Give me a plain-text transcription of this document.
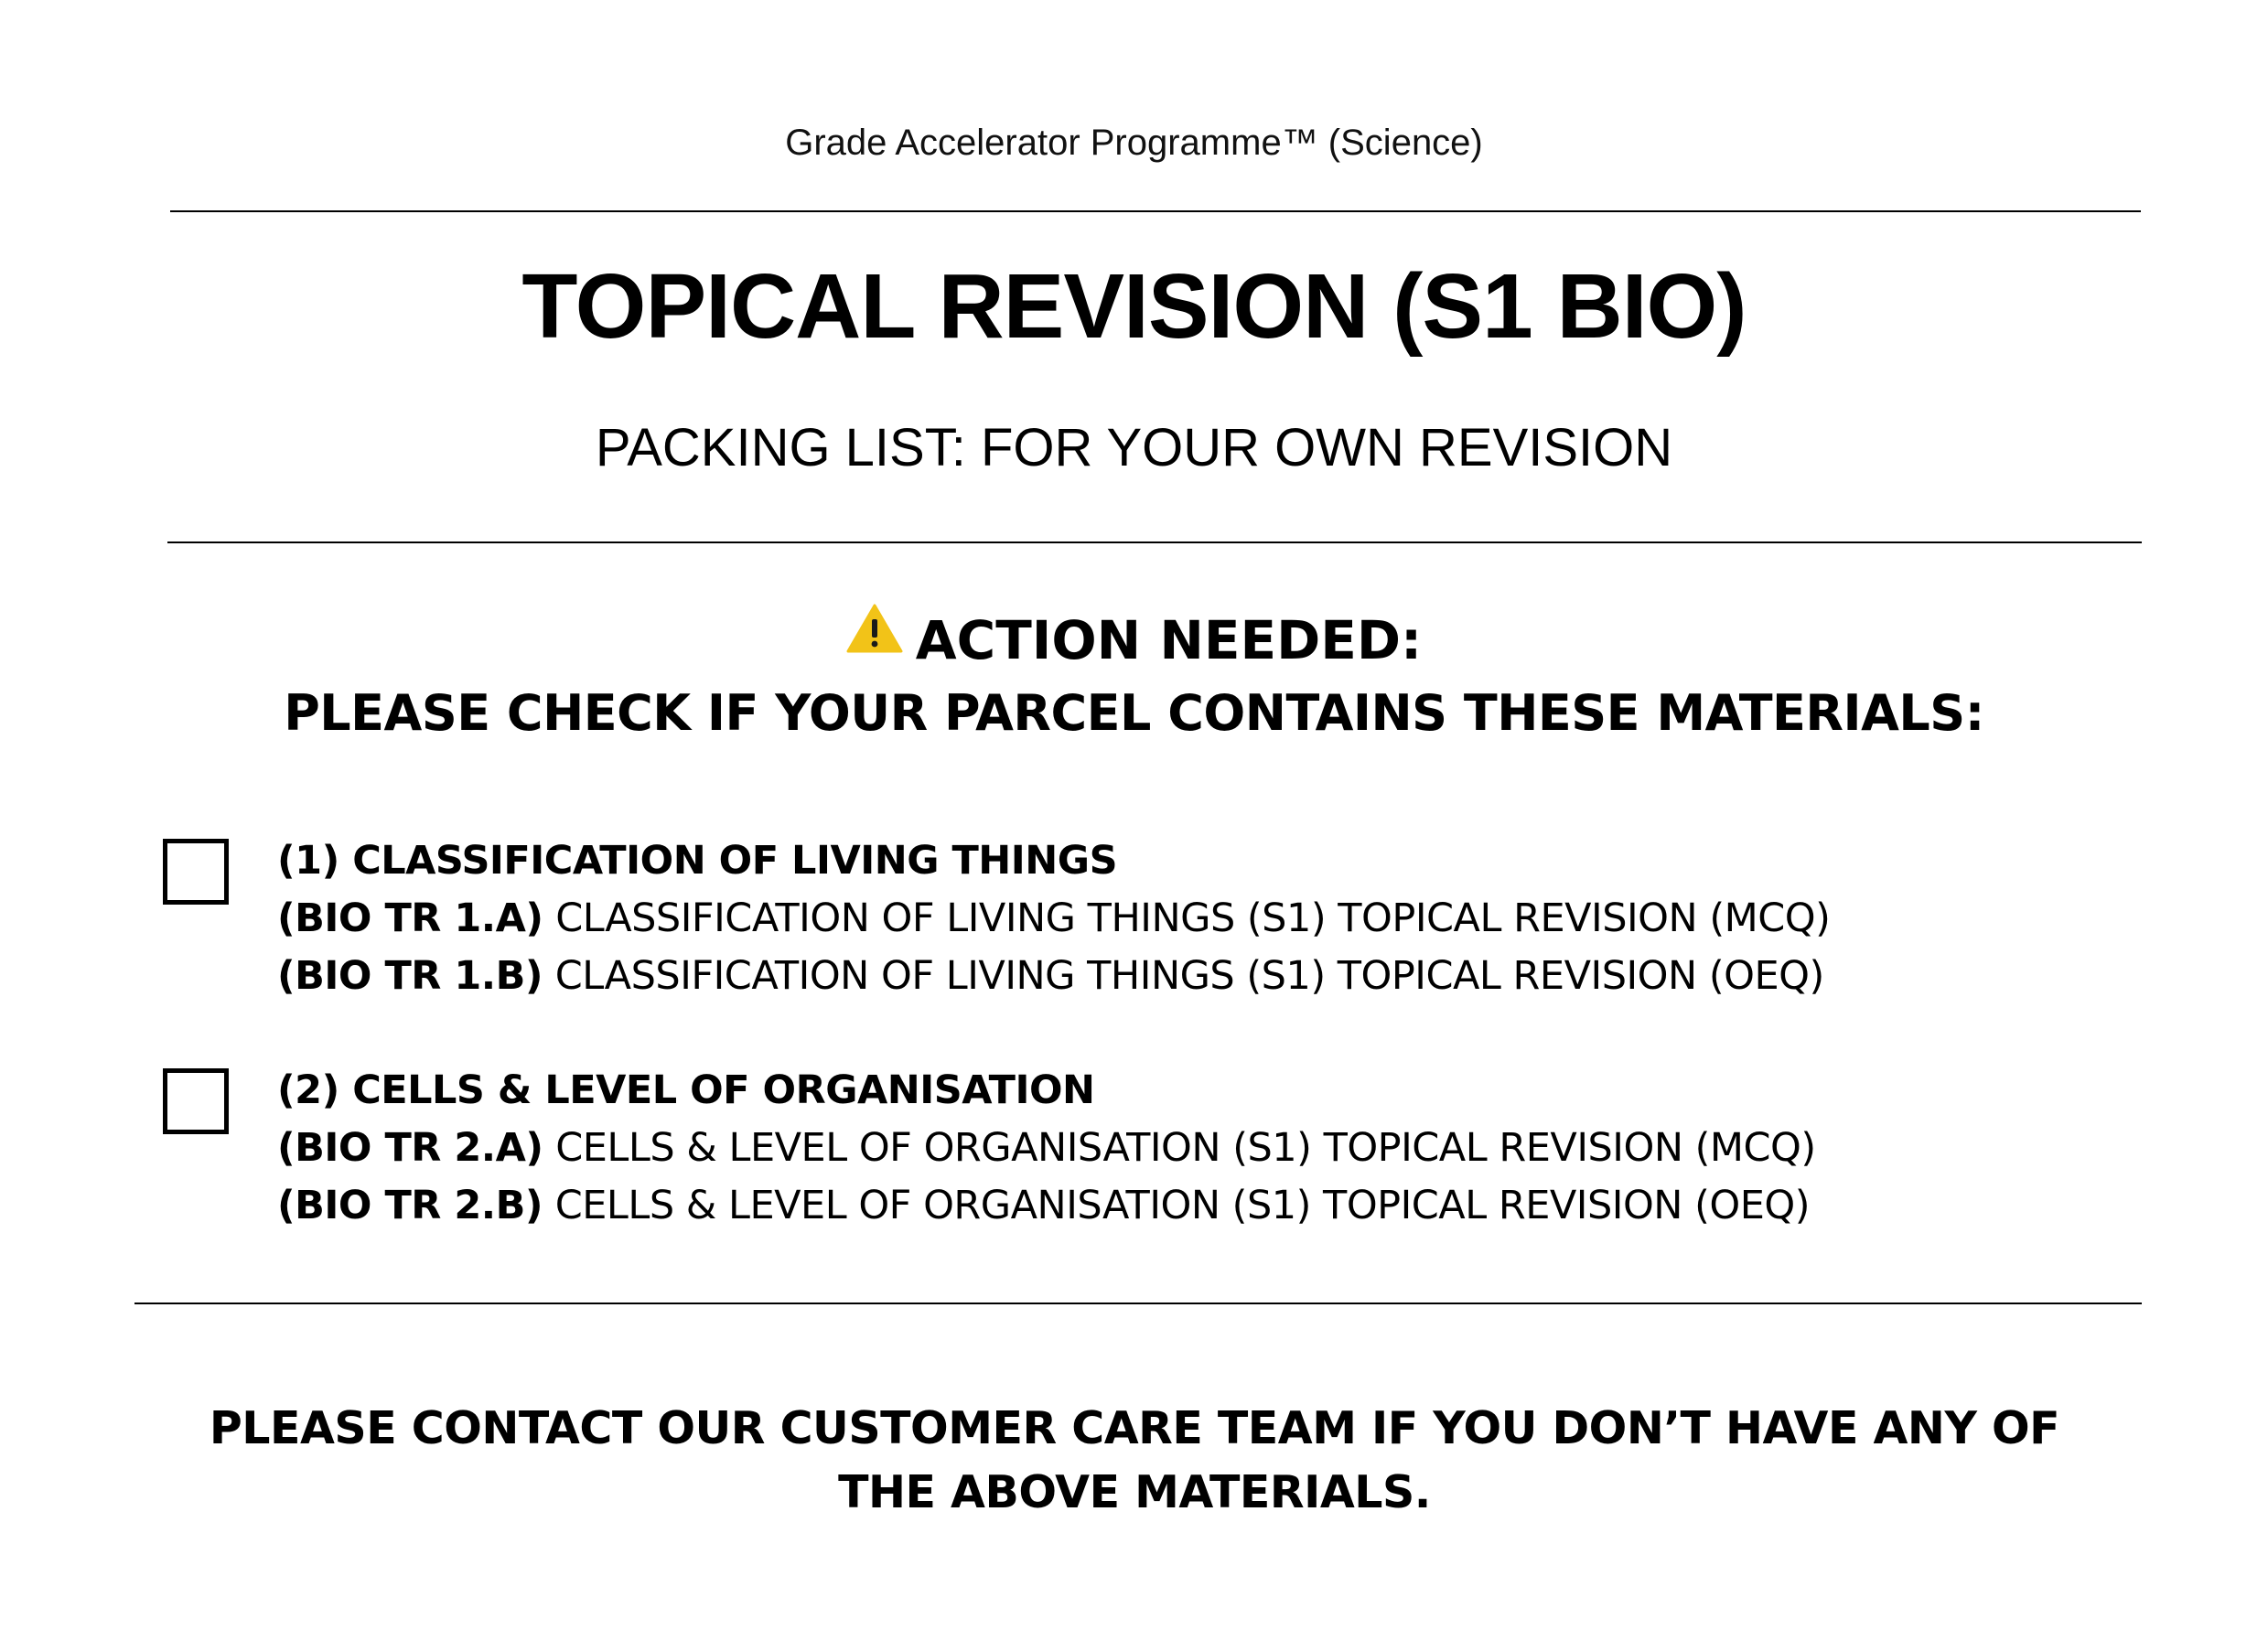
Grade Accelerator Programme™ (Science)
TOPICAL REVISION (S1 BIO)
PACKING LIST: FOR YOUR OWN REVISION
ACTION NEEDED:
PLEASE CHECK IF YOUR PARCEL CONTAINS THESE MATERIALS:
(1) CLASSIFICATION OF LIVING THINGS
(BIO TR 1.A) CLASSIFICATION OF LIVING THINGS (S1) TOPICAL REVISION (MCQ)
(BIO TR 1.B) CLASSIFICATION OF LIVING THINGS (S1) TOPICAL REVISION (OEQ)
(2) CELLS & LEVEL OF ORGANISATION
(BIO TR 2.A) CELLS & LEVEL OF ORGANISATION (S1) TOPICAL REVISION (MCQ)
(BIO TR 2.B) CELLS & LEVEL OF ORGANISATION (S1) TOPICAL REVISION (OEQ)
PLEASE CONTACT OUR CUSTOMER CARE TEAM IF YOU DON’T HAVE ANY OF THE ABOVE MATERIALS.
